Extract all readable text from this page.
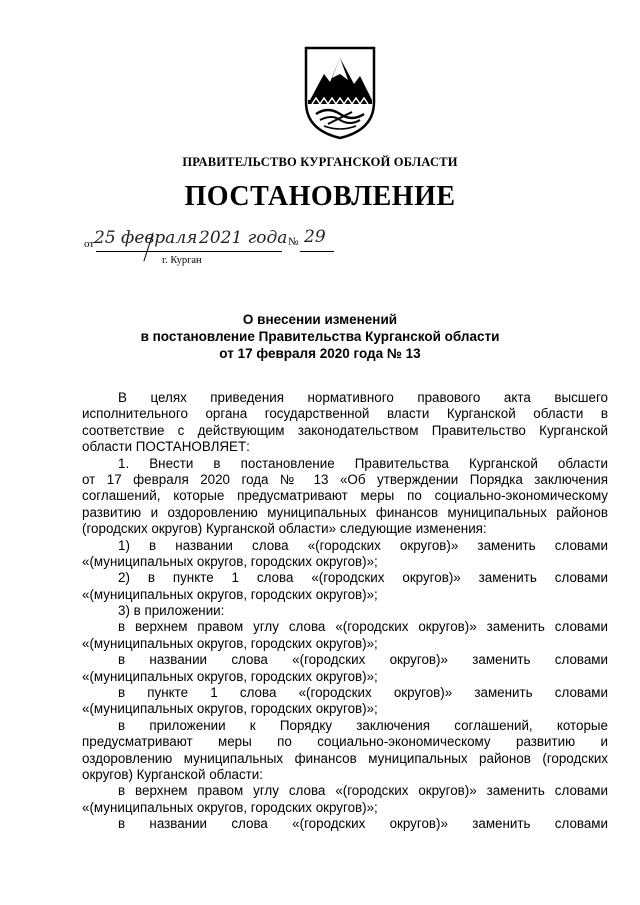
ПРАВИТЕЛЬСТВО КУРГАНСКОЙ ОБЛАСТИ
ПОСТАНОВЛЕНИЕ
от 25 февраля 2021 года № 29
г. Курган
О внесении изменений
в постановление Правительства Курганской области
от 17 февраля 2020 года № 13
В целях приведения нормативного правового акта высшего
исполнительного органа государственной власти Курганской области в
соответствие с действующим законодательством Правительство Курганской
области ПОСТАНОВЛЯЕТ:
1. Внести в постановление Правительства Курганской области
от 17 февраля 2020 года № 13 «Об утверждении Порядка заключения
соглашений, которые предусматривают меры по социально-экономическому
развитию и оздоровлению муниципальных финансов муниципальных районов
(городских округов) Курганской области» следующие изменения:
1) в названии слова «(городских округов)» заменить словами
«(муниципальных округов, городских округов)»;
2) в пункте 1 слова «(городских округов)» заменить словами
«(муниципальных округов, городских округов)»;
3) в приложении:
в верхнем правом углу слова «(городских округов)» заменить словами
«(муниципальных округов, городских округов)»;
в названии слова «(городских округов)» заменить словами
«(муниципальных округов, городских округов)»;
в пункте 1 слова «(городских округов)» заменить словами
«(муниципальных округов, городских округов)»;
в приложении к Порядку заключения соглашений, которые
предусматривают меры по социально-экономическому развитию и
оздоровлению муниципальных финансов муниципальных районов (городских
округов) Курганской области:
в верхнем правом углу слова «(городских округов)» заменить словами
«(муниципальных округов, городских округов)»;
в названии слова «(городских округов)» заменить словами
